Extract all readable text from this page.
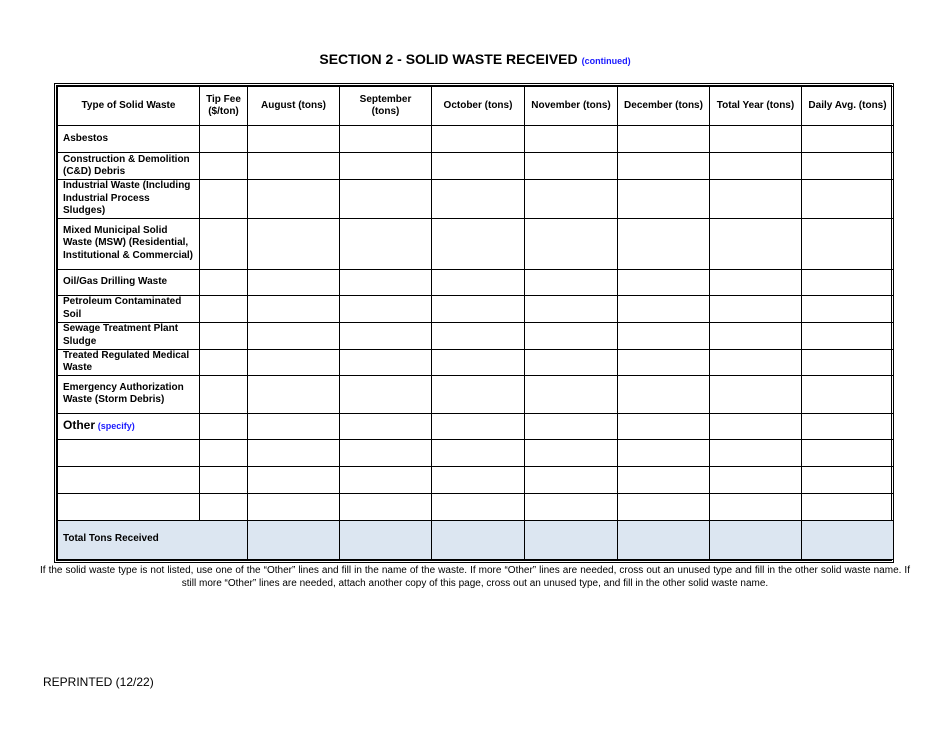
SECTION 2 - SOLID WASTE RECEIVED (continued)
Type of Solid Waste	Tip Fee ($/ton)	August (tons)	September (tons)	October (tons)	November (tons)	December (tons)	Total Year (tons)	Daily Avg. (tons)
Asbestos								
Construction & Demolition (C&D) Debris								
Industrial Waste (Including Industrial Process Sludges)								
Mixed Municipal Solid Waste (MSW) (Residential, Institutional & Commercial)								
Oil/Gas Drilling Waste								
Petroleum Contaminated Soil								
Sewage Treatment Plant Sludge								
Treated Regulated Medical Waste								
Emergency Authorization Waste (Storm Debris)								
Other (specify)								

Total Tons Received								
If the solid waste type is not listed, use one of the “Other” lines and fill in the name of the waste. If more “Other” lines are needed, cross out an unused type and fill in the other solid waste name. If still more “Other” lines are needed, attach another copy of this page, cross out an unused type, and fill in the other solid waste name.
REPRINTED (12/22)
